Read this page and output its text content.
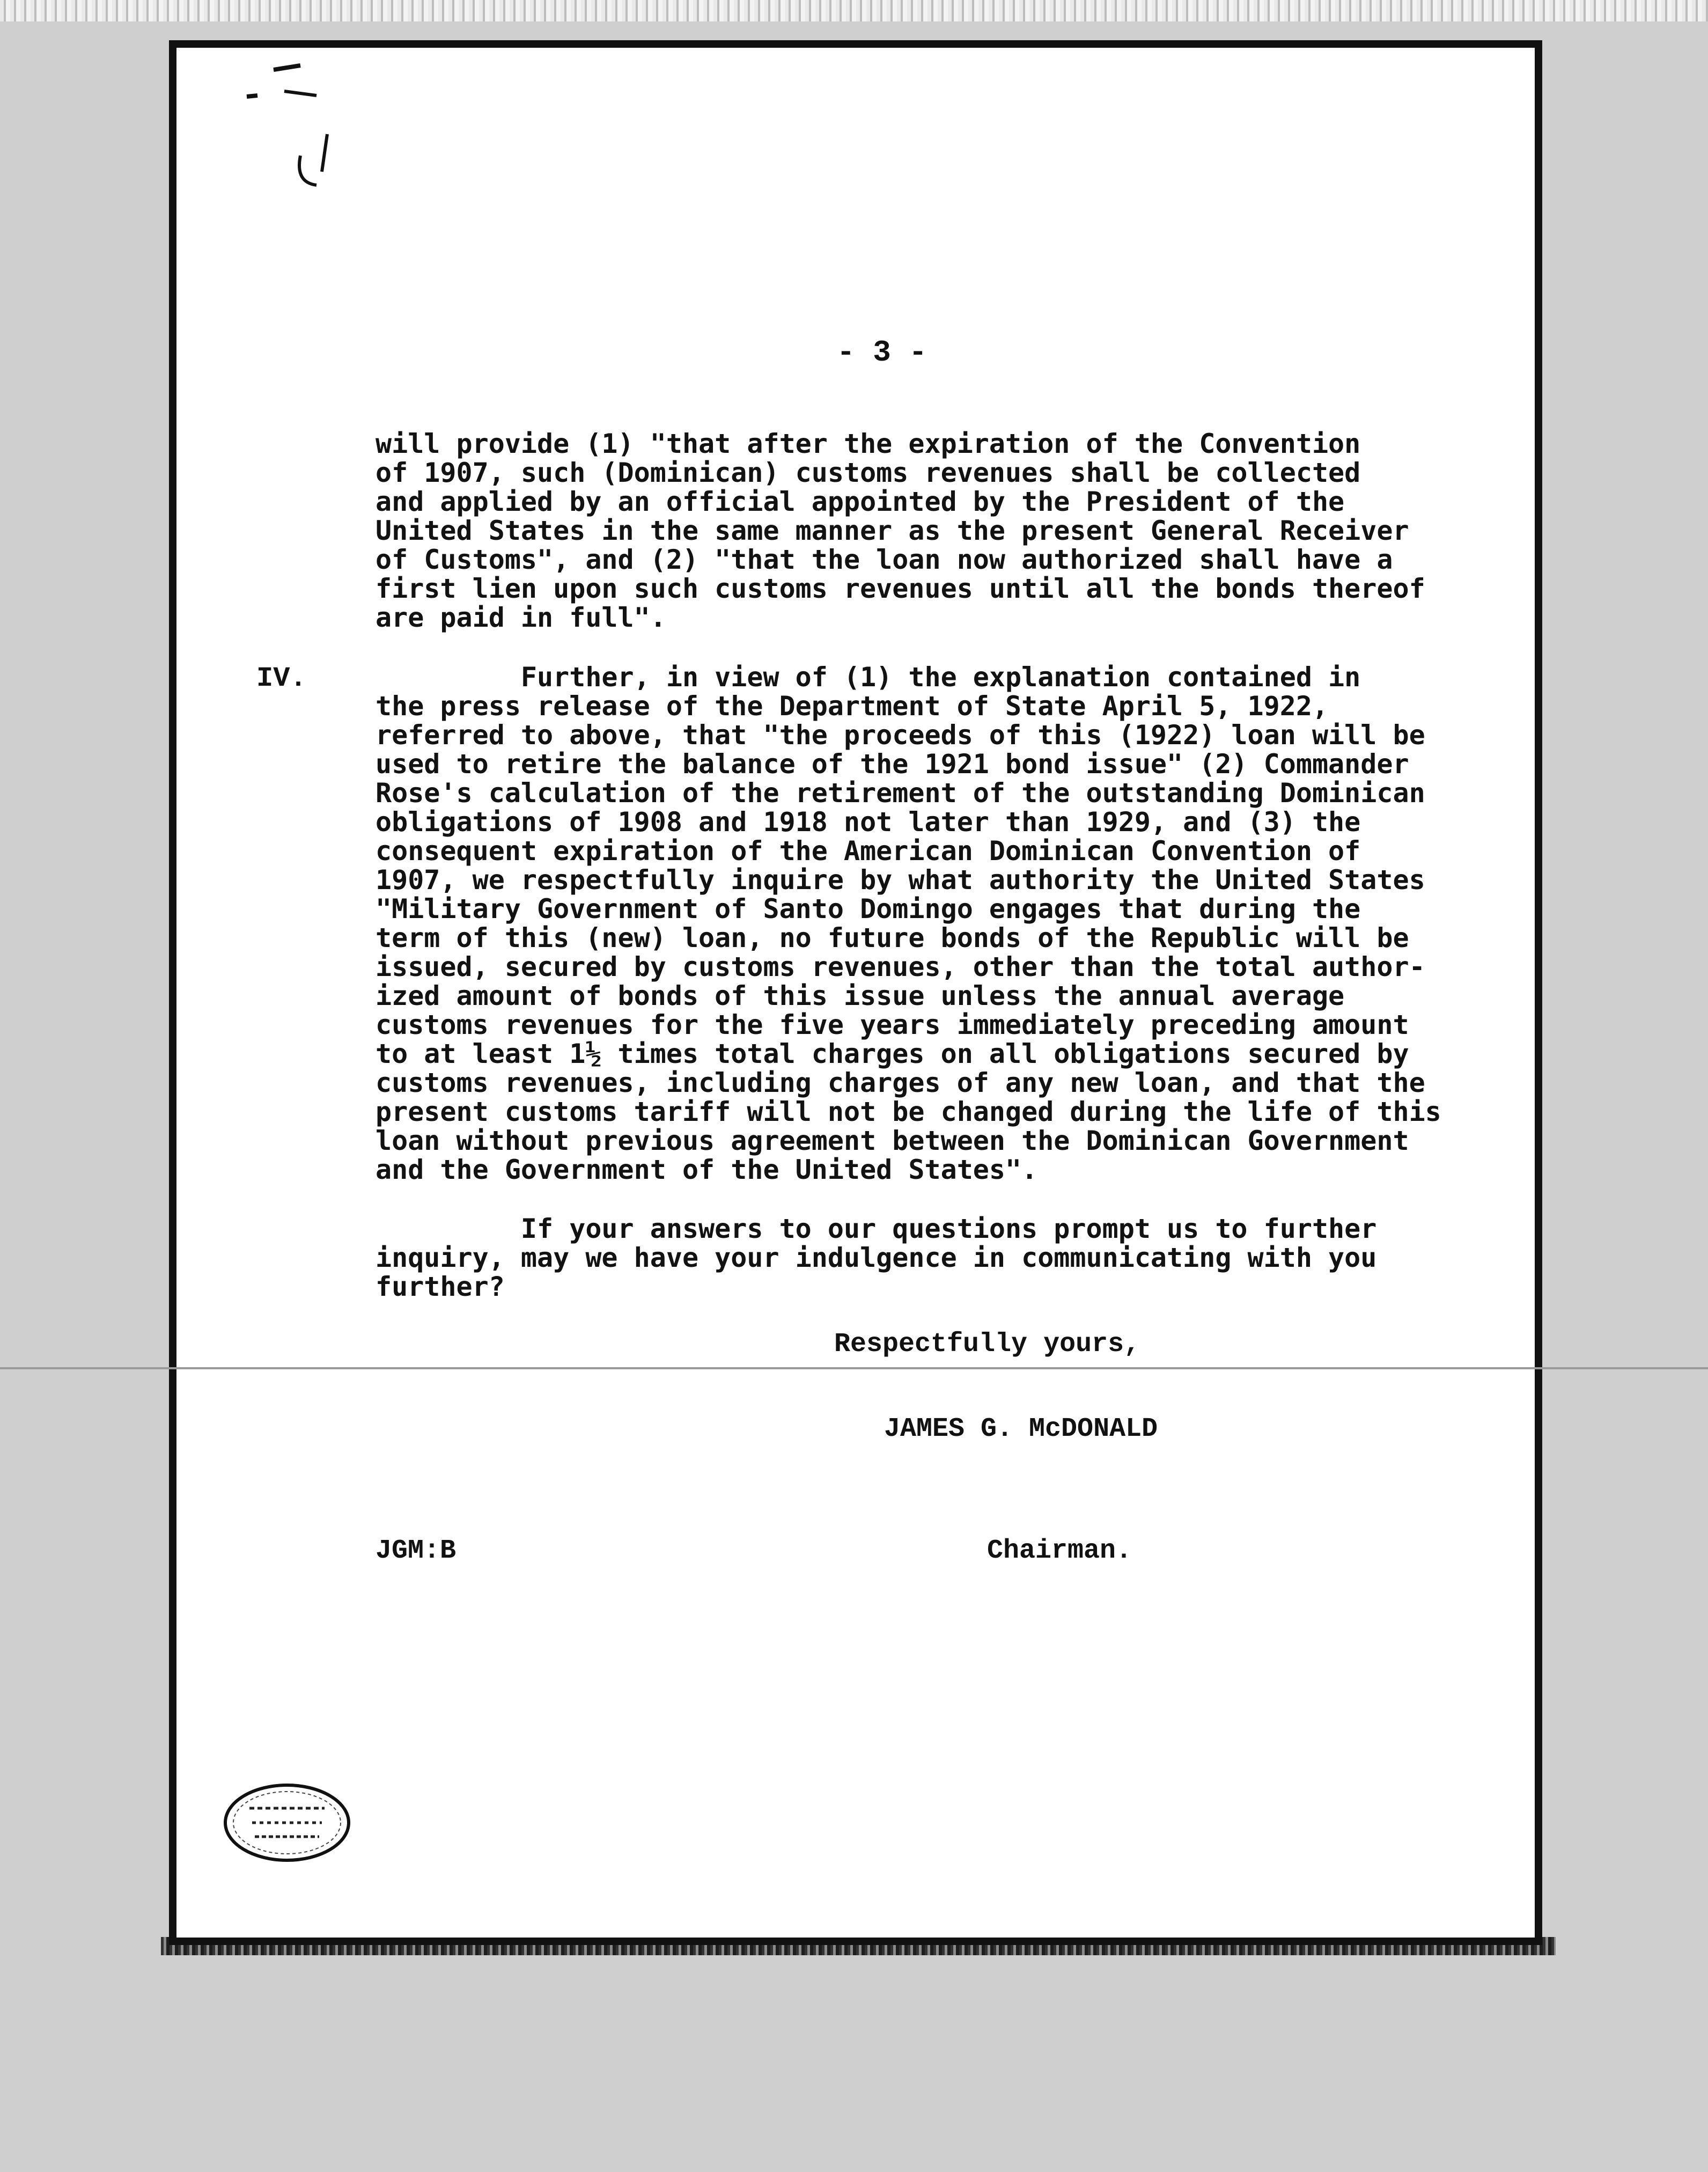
- 3 -
will provide (1) "that after the expiration of the Convention
of 1907, such (Dominican) customs revenues shall be collected
and applied by an official appointed by the President of the
United States in the same manner as the present General Receiver
of Customs", and (2) "that the loan now authorized shall have a
first lien upon such customs revenues until all the bonds thereof
are paid in full".
IV.	Further, in view of (1) the explanation contained in
the press release of the Department of State April 5, 1922,
referred to above, that "the proceeds of this (1922) loan will be
used to retire the balance of the 1921 bond issue" (2) Commander
Rose's calculation of the retirement of the outstanding Dominican
obligations of 1908 and 1918 not later than 1929, and (3) the
consequent expiration of the American Dominican Convention of
1907, we respectfully inquire by what authority the United States
"Military Government of Santo Domingo engages that during the
term of this (new) loan, no future bonds of the Republic will be
issued, secured by customs revenues, other than the total author-
ized amount of bonds of this issue unless the annual average
customs revenues for the five years immediately preceding amount
to at least 1½ times total charges on all obligations secured by
customs revenues, including charges of any new loan, and that the
present customs tariff will not be changed during the life of this
loan without previous agreement between the Dominican Government
and the Government of the United States".
If your answers to our questions prompt us to further
inquiry, may we have your indulgence in communicating with you
further?
Respectfully yours,
JAMES G. McDONALD
JGM:B	Chairman.
